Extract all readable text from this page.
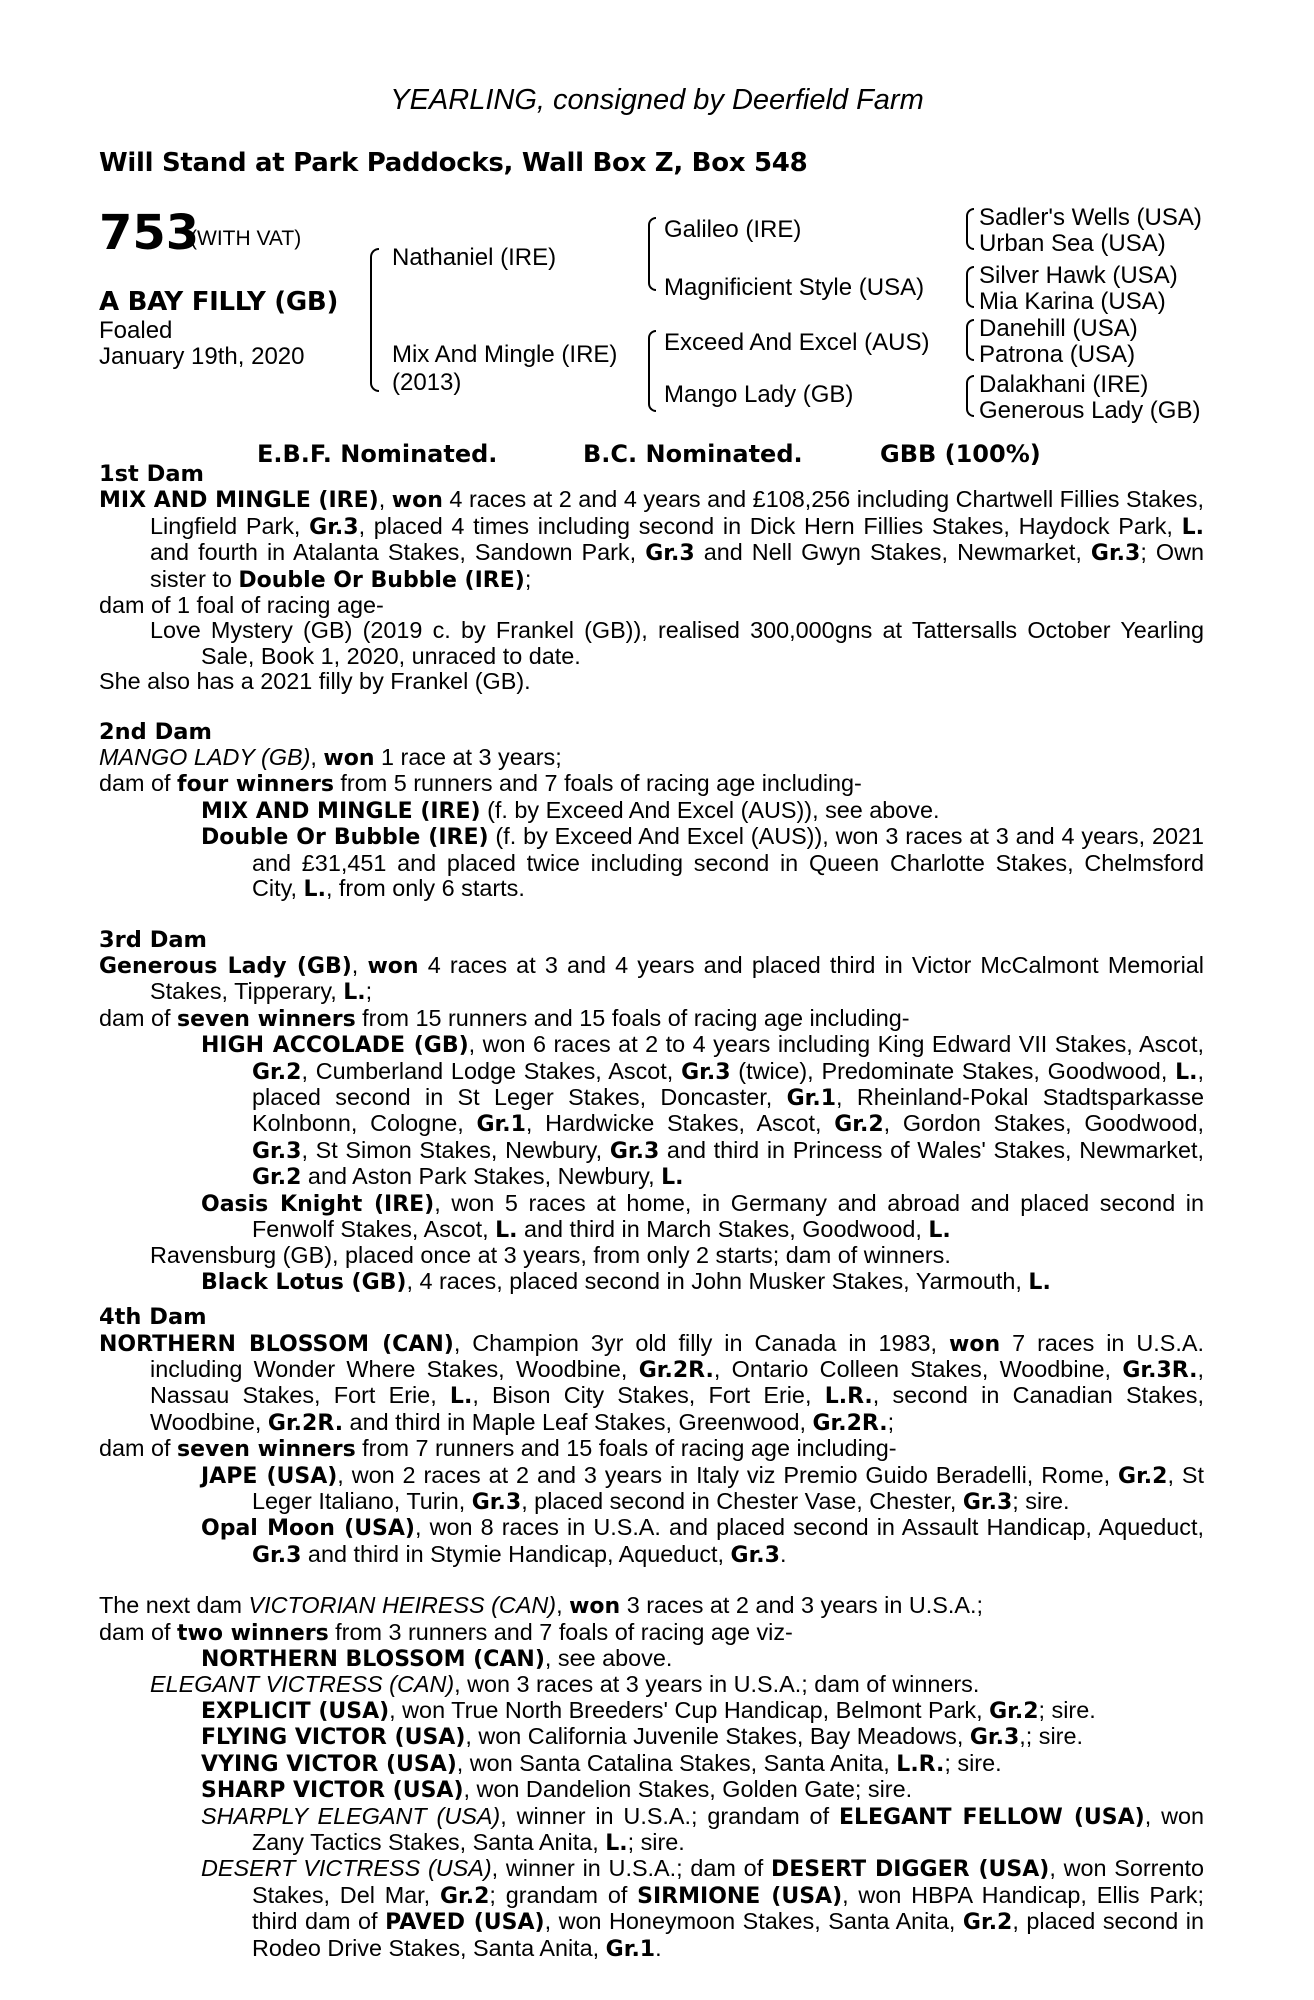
YEARLING, consigned by Deerfield Farm
Will Stand at Park Paddocks, Wall Box Z, Box 548
753
(WITH VAT)
A BAY FILLY (GB)
Foaled
January 19th, 2020
Nathaniel (IRE)
Mix And Mingle (IRE)
(2013)
Galileo (IRE)
Magnificient Style (USA)
Exceed And Excel (AUS)
Mango Lady (GB)
Sadler's Wells (USA)
Urban Sea (USA)
Silver Hawk (USA)
Mia Karina (USA)
Danehill (USA)
Patrona (USA)
Dalakhani (IRE)
Generous Lady (GB)
E.B.F. Nominated.	B.C. Nominated.	GBB (100%)
1st Dam
MIX AND MINGLE (IRE), won 4 races at 2 and 4 years and £108,256 including Chartwell Fillies Stakes, Lingfield Park, Gr.3, placed 4 times including second in Dick Hern Fillies Stakes, Haydock Park, L. and fourth in Atalanta Stakes, Sandown Park, Gr.3 and Nell Gwyn Stakes, Newmarket, Gr.3; Own sister to Double Or Bubble (IRE);
dam of 1 foal of racing age-
Love Mystery (GB) (2019 c. by Frankel (GB)), realised 300,000gns at Tattersalls October Yearling Sale, Book 1, 2020, unraced to date.
She also has a 2021 filly by Frankel (GB).
2nd Dam
MANGO LADY (GB), won 1 race at 3 years;
dam of four winners from 5 runners and 7 foals of racing age including-
MIX AND MINGLE (IRE) (f. by Exceed And Excel (AUS)), see above.
Double Or Bubble (IRE) (f. by Exceed And Excel (AUS)), won 3 races at 3 and 4 years, 2021 and £31,451 and placed twice including second in Queen Charlotte Stakes, Chelmsford City, L., from only 6 starts.
3rd Dam
Generous Lady (GB), won 4 races at 3 and 4 years and placed third in Victor McCalmont Memorial Stakes, Tipperary, L.;
dam of seven winners from 15 runners and 15 foals of racing age including-
HIGH ACCOLADE (GB), won 6 races at 2 to 4 years including King Edward VII Stakes, Ascot, Gr.2, Cumberland Lodge Stakes, Ascot, Gr.3 (twice), Predominate Stakes, Goodwood, L., placed second in St Leger Stakes, Doncaster, Gr.1, Rheinland-Pokal Stadtsparkasse Kolnbonn, Cologne, Gr.1, Hardwicke Stakes, Ascot, Gr.2, Gordon Stakes, Goodwood, Gr.3, St Simon Stakes, Newbury, Gr.3 and third in Princess of Wales' Stakes, Newmarket, Gr.2 and Aston Park Stakes, Newbury, L.
Oasis Knight (IRE), won 5 races at home, in Germany and abroad and placed second in Fenwolf Stakes, Ascot, L. and third in March Stakes, Goodwood, L.
Ravensburg (GB), placed once at 3 years, from only 2 starts; dam of winners.
Black Lotus (GB), 4 races, placed second in John Musker Stakes, Yarmouth, L.
4th Dam
NORTHERN BLOSSOM (CAN), Champion 3yr old filly in Canada in 1983, won 7 races in U.S.A. including Wonder Where Stakes, Woodbine, Gr.2R., Ontario Colleen Stakes, Woodbine, Gr.3R., Nassau Stakes, Fort Erie, L., Bison City Stakes, Fort Erie, L.R., second in Canadian Stakes, Woodbine, Gr.2R. and third in Maple Leaf Stakes, Greenwood, Gr.2R.;
dam of seven winners from 7 runners and 15 foals of racing age including-
JAPE (USA), won 2 races at 2 and 3 years in Italy viz Premio Guido Beradelli, Rome, Gr.2, St Leger Italiano, Turin, Gr.3, placed second in Chester Vase, Chester, Gr.3; sire.
Opal Moon (USA), won 8 races in U.S.A. and placed second in Assault Handicap, Aqueduct, Gr.3 and third in Stymie Handicap, Aqueduct, Gr.3.
The next dam VICTORIAN HEIRESS (CAN), won 3 races at 2 and 3 years in U.S.A.;
dam of two winners from 3 runners and 7 foals of racing age viz-
NORTHERN BLOSSOM (CAN), see above.
ELEGANT VICTRESS (CAN), won 3 races at 3 years in U.S.A.; dam of winners.
EXPLICIT (USA), won True North Breeders' Cup Handicap, Belmont Park, Gr.2; sire.
FLYING VICTOR (USA), won California Juvenile Stakes, Bay Meadows, Gr.3,; sire.
VYING VICTOR (USA), won Santa Catalina Stakes, Santa Anita, L.R.; sire.
SHARP VICTOR (USA), won Dandelion Stakes, Golden Gate; sire.
SHARPLY ELEGANT (USA), winner in U.S.A.; grandam of ELEGANT FELLOW (USA), won Zany Tactics Stakes, Santa Anita, L.; sire.
DESERT VICTRESS (USA), winner in U.S.A.; dam of DESERT DIGGER (USA), won Sorrento Stakes, Del Mar, Gr.2; grandam of SIRMIONE (USA), won HBPA Handicap, Ellis Park; third dam of PAVED (USA), won Honeymoon Stakes, Santa Anita, Gr.2, placed second in Rodeo Drive Stakes, Santa Anita, Gr.1.
